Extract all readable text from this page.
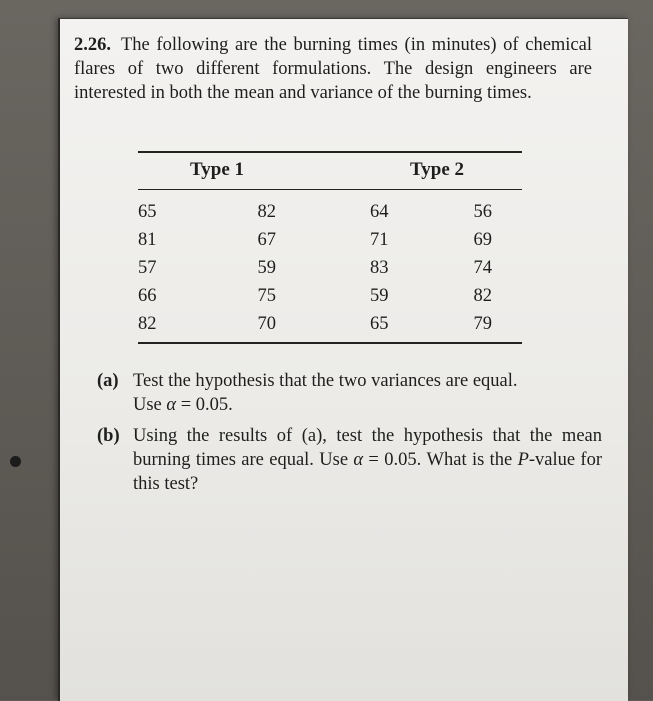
2.26. The following are the burning times (in minutes) of chemical flares of two different formulations. The design engineers are interested in both the mean and variance of the burning times.
Type 1	Type 2
65	82	64	56
81	67	71	69
57	59	83	74
66	75	59	82
82	70	65	79
(a) Test the hypothesis that the two variances are equal.
Use α = 0.05.
(b) Using the results of (a), test the hypothesis that the mean burning times are equal. Use α = 0.05. What is the P-value for this test?
